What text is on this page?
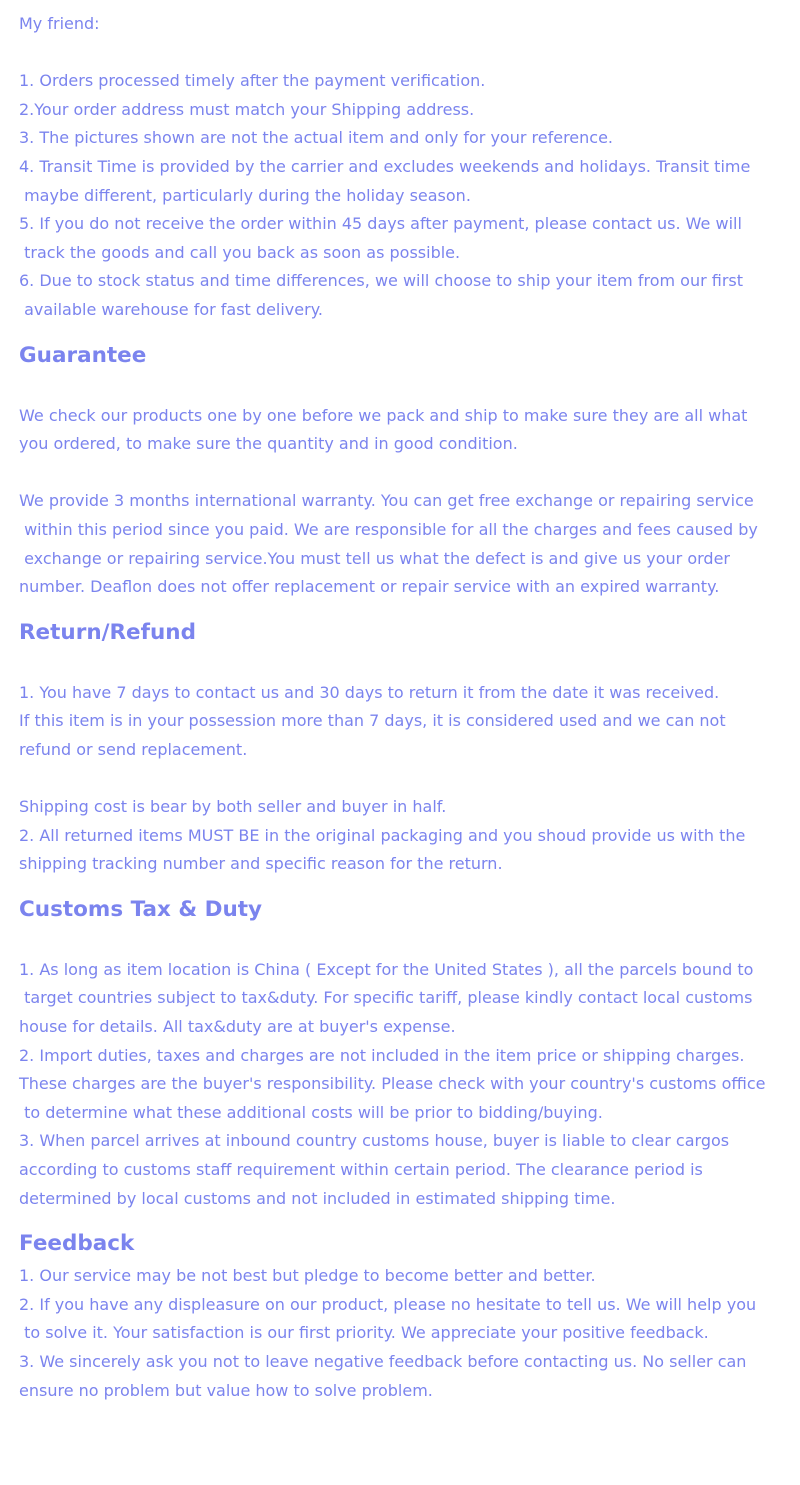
My friend:

1. Orders processed timely after the payment verification.

2.Your order address must match your Shipping address.

3. The pictures shown are not the actual item and only for your reference.

4. Transit Time is provided by the carrier and excludes weekends and holidays. Transit time

maybe different, particularly during the holiday season.

5. If you do not receive the order within 45 days after payment, please contact us. We will

track the goods and call you back as soon as possible.

6. Due to stock status and time differences, we will choose to ship your item from our first

available warehouse for fast delivery.

Guarantee

We check our products one by one before we pack and ship to make sure they are all what

you ordered, to make sure the quantity and in good condition.

We provide 3 months international warranty. You can get free exchange or repairing service

within this period since you paid. We are responsible for all the charges and fees caused by

exchange or repairing service.You must tell us what the defect is and give us your order

number. Deaflon does not offer replacement or repair service with an expired warranty.

Return/Refund

1. You have 7 days to contact us and 30 days to return it from the date it was received.

If this item is in your possession more than 7 days, it is considered used and we can not

refund or send replacement.

Shipping cost is bear by both seller and buyer in half.

2. All returned items MUST BE in the original packaging and you shoud provide us with the

shipping tracking number and specific reason for the return.

Customs Tax & Duty

1. As long as item location is China ( Except for the United States ), all the parcels bound to

target countries subject to tax&duty. For specific tariff, please kindly contact local customs

house for details. All tax&duty are at buyer's expense.

2. Import duties, taxes and charges are not included in the item price or shipping charges.

These charges are the buyer's responsibility. Please check with your country's customs office

to determine what these additional costs will be prior to bidding/buying.

3. When parcel arrives at inbound country customs house, buyer is liable to clear cargos

according to customs staff requirement within certain period. The clearance period is

determined by local customs and not included in estimated shipping time.

Feedback

1. Our service may be not best but pledge to become better and better.

2. If you have any displeasure on our product, please no hesitate to tell us. We will help you

to solve it. Your satisfaction is our first priority. We appreciate your positive feedback.

3. We sincerely ask you not to leave negative feedback before contacting us. No seller can

ensure no problem but value how to solve problem.
